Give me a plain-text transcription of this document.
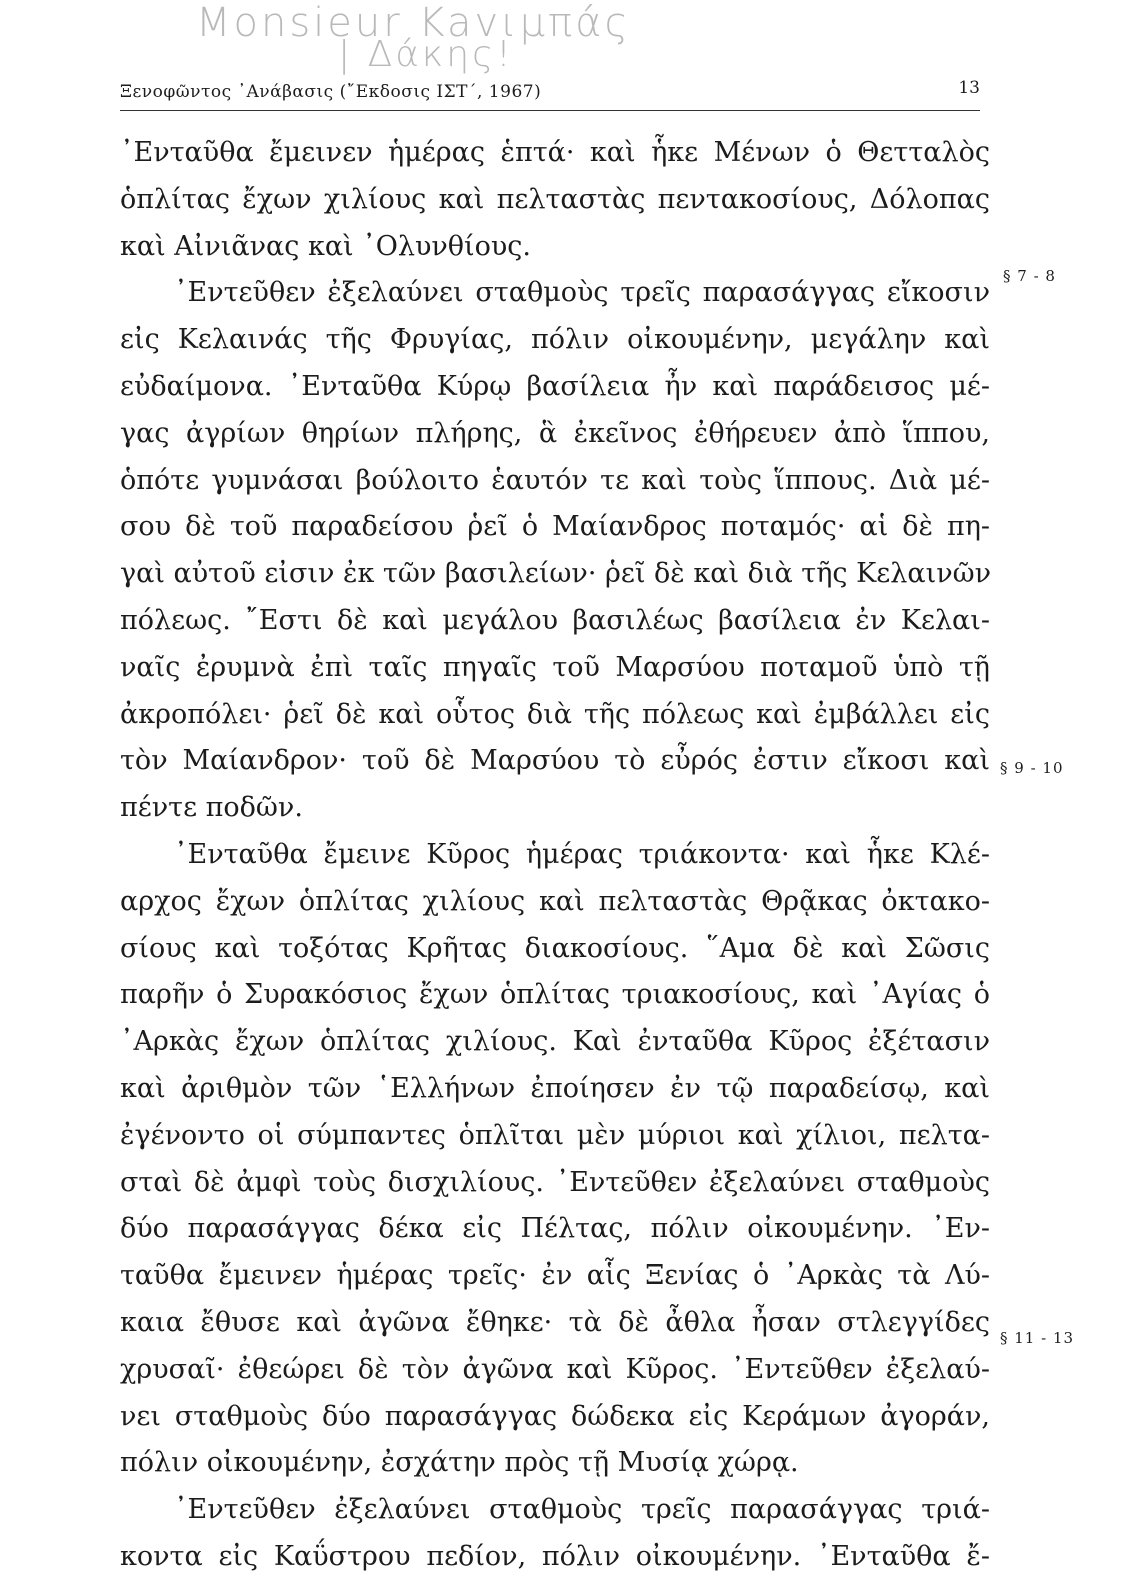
Monsieur Kavιμπάς
| Δάκης!
Ξενοφῶντος ᾿Ανάβασις (῎Εκδοσις ΙΣΤ΄, 1967)	13
᾿Ενταῦθα ἔμεινεν ἡμέρας ἑπτά· καὶ ἧκε Μένων ὁ Θετταλὸς
ὁπλίτας ἔχων χιλίους καὶ πελταστὰς πεντακοσίους, Δόλοπας
καὶ Αἰνιᾶνας καὶ ᾿Ολυνθίους.
᾿Εντεῦθεν ἐξελαύνει σταθμοὺς τρεῖς παρασάγγας εἴκοσιν
εἰς Κελαινάς τῆς Φρυγίας, πόλιν οἰκουμένην, μεγάλην καὶ
εὐδαίμονα. ᾿Ενταῦθα Κύρῳ βασίλεια ἦν καὶ παράδεισος μέ-
γας ἀγρίων θηρίων πλήρης, ἃ ἐκεῖνος ἐθήρευεν ἀπὸ ἵππου,
ὁπότε γυμνάσαι βούλοιτο ἑαυτόν τε καὶ τοὺς ἵππους. Διὰ μέ-
σου δὲ τοῦ παραδείσου ῥεῖ ὁ Μαίανδρος ποταμός· αἱ δὲ πη-
γαὶ αὐτοῦ εἰσιν ἐκ τῶν βασιλείων· ῥεῖ δὲ καὶ διὰ τῆς Κελαινῶν
πόλεως. ῎Εστι δὲ καὶ μεγάλου βασιλέως βασίλεια ἐν Κελαι-
ναῖς ἐρυμνὰ ἐπὶ ταῖς πηγαῖς τοῦ Μαρσύου ποταμοῦ ὑπὸ τῇ
ἀκροπόλει· ῥεῖ δὲ καὶ οὗτος διὰ τῆς πόλεως καὶ ἐμβάλλει εἰς
τὸν Μαίανδρον· τοῦ δὲ Μαρσύου τὸ εὖρός ἐστιν εἴκοσι καὶ
πέντε ποδῶν.
᾿Ενταῦθα ἔμεινε Κῦρος ἡμέρας τριάκοντα· καὶ ἧκε Κλέ-
αρχος ἔχων ὁπλίτας χιλίους καὶ πελταστὰς Θρᾷκας ὀκτακο-
σίους καὶ τοξότας Κρῆτας διακοσίους. ῞Αμα δὲ καὶ Σῶσις
παρῆν ὁ Συρακόσιος ἔχων ὁπλίτας τριακοσίους, καὶ ᾿Αγίας ὁ
᾿Αρκὰς ἔχων ὁπλίτας χιλίους. Καὶ ἐνταῦθα Κῦρος ἐξέτασιν
καὶ ἀριθμὸν τῶν ῾Ελλήνων ἐποίησεν ἐν τῷ παραδείσῳ, καὶ
ἐγένοντο οἱ σύμπαντες ὁπλῖται μὲν μύριοι καὶ χίλιοι, πελτα-
σταὶ δὲ ἀμφὶ τοὺς δισχιλίους. ᾿Εντεῦθεν ἐξελαύνει σταθμοὺς
δύο παρασάγγας δέκα εἰς Πέλτας, πόλιν οἰκουμένην. ᾿Εν-
ταῦθα ἔμεινεν ἡμέρας τρεῖς· ἐν αἷς Ξενίας ὁ ᾿Αρκὰς τὰ Λύ-
καια ἔθυσε καὶ ἀγῶνα ἔθηκε· τὰ δὲ ἆθλα ἦσαν στλεγγίδες
χρυσαῖ· ἐθεώρει δὲ τὸν ἀγῶνα καὶ Κῦρος. ᾿Εντεῦθεν ἐξελαύ-
νει σταθμοὺς δύο παρασάγγας δώδεκα εἰς Κεράμων ἀγοράν,
πόλιν οἰκουμένην, ἐσχάτην πρὸς τῇ Μυσίᾳ χώρᾳ.
᾿Εντεῦθεν ἐξελαύνει σταθμοὺς τρεῖς παρασάγγας τριά-
κοντα εἰς Καΰστρου πεδίον, πόλιν οἰκουμένην. ᾿Ενταῦθα ἔ-
§ 7 - 8
§ 9 - 10
§ 11 - 13
